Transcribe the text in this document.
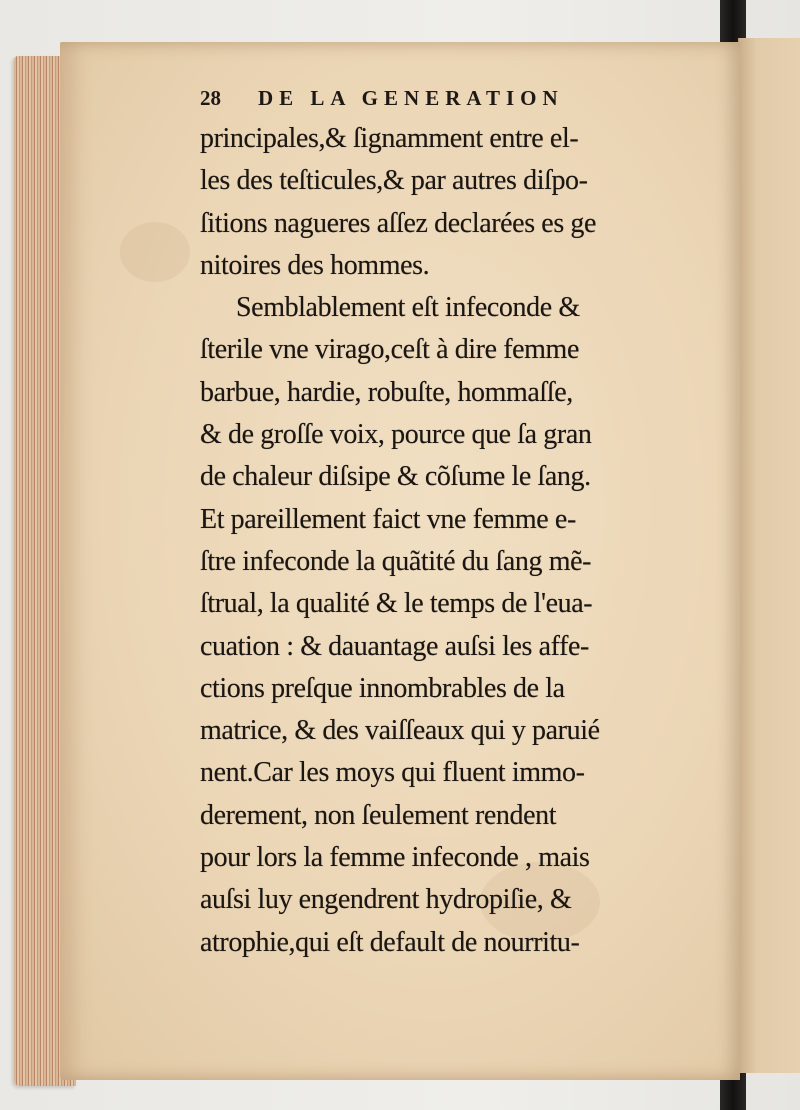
28 DE LA GENERATION
principales,& ſignamment entre el-
les des teſticules,& par autres diſpo-
ſitions nagueres aſſez declarées es ge
nitoires des hommes.
Semblablement eſt infeconde &
ſterile vne virago,ceſt à dire femme
barbue, hardie, robuſte, hommaſſe,
& de groſſe voix, pource que ſa gran
de chaleur diſsipe & cõſume le ſang.
Et pareillement faict vne femme e-
ſtre infeconde la quãtité du ſang mẽ-
ſtrual, la qualité & le temps de l'eua-
cuation : & dauantage auſsi les affe-
ctions preſque innombrables de la
matrice, & des vaiſſeaux qui y paruié
nent.Car les moys qui fluent immo-
derement, non ſeulement rendent
pour lors la femme infeconde , mais
auſsi luy engendrent hydropiſie, &
atrophie,qui eſt default de nourritu-
